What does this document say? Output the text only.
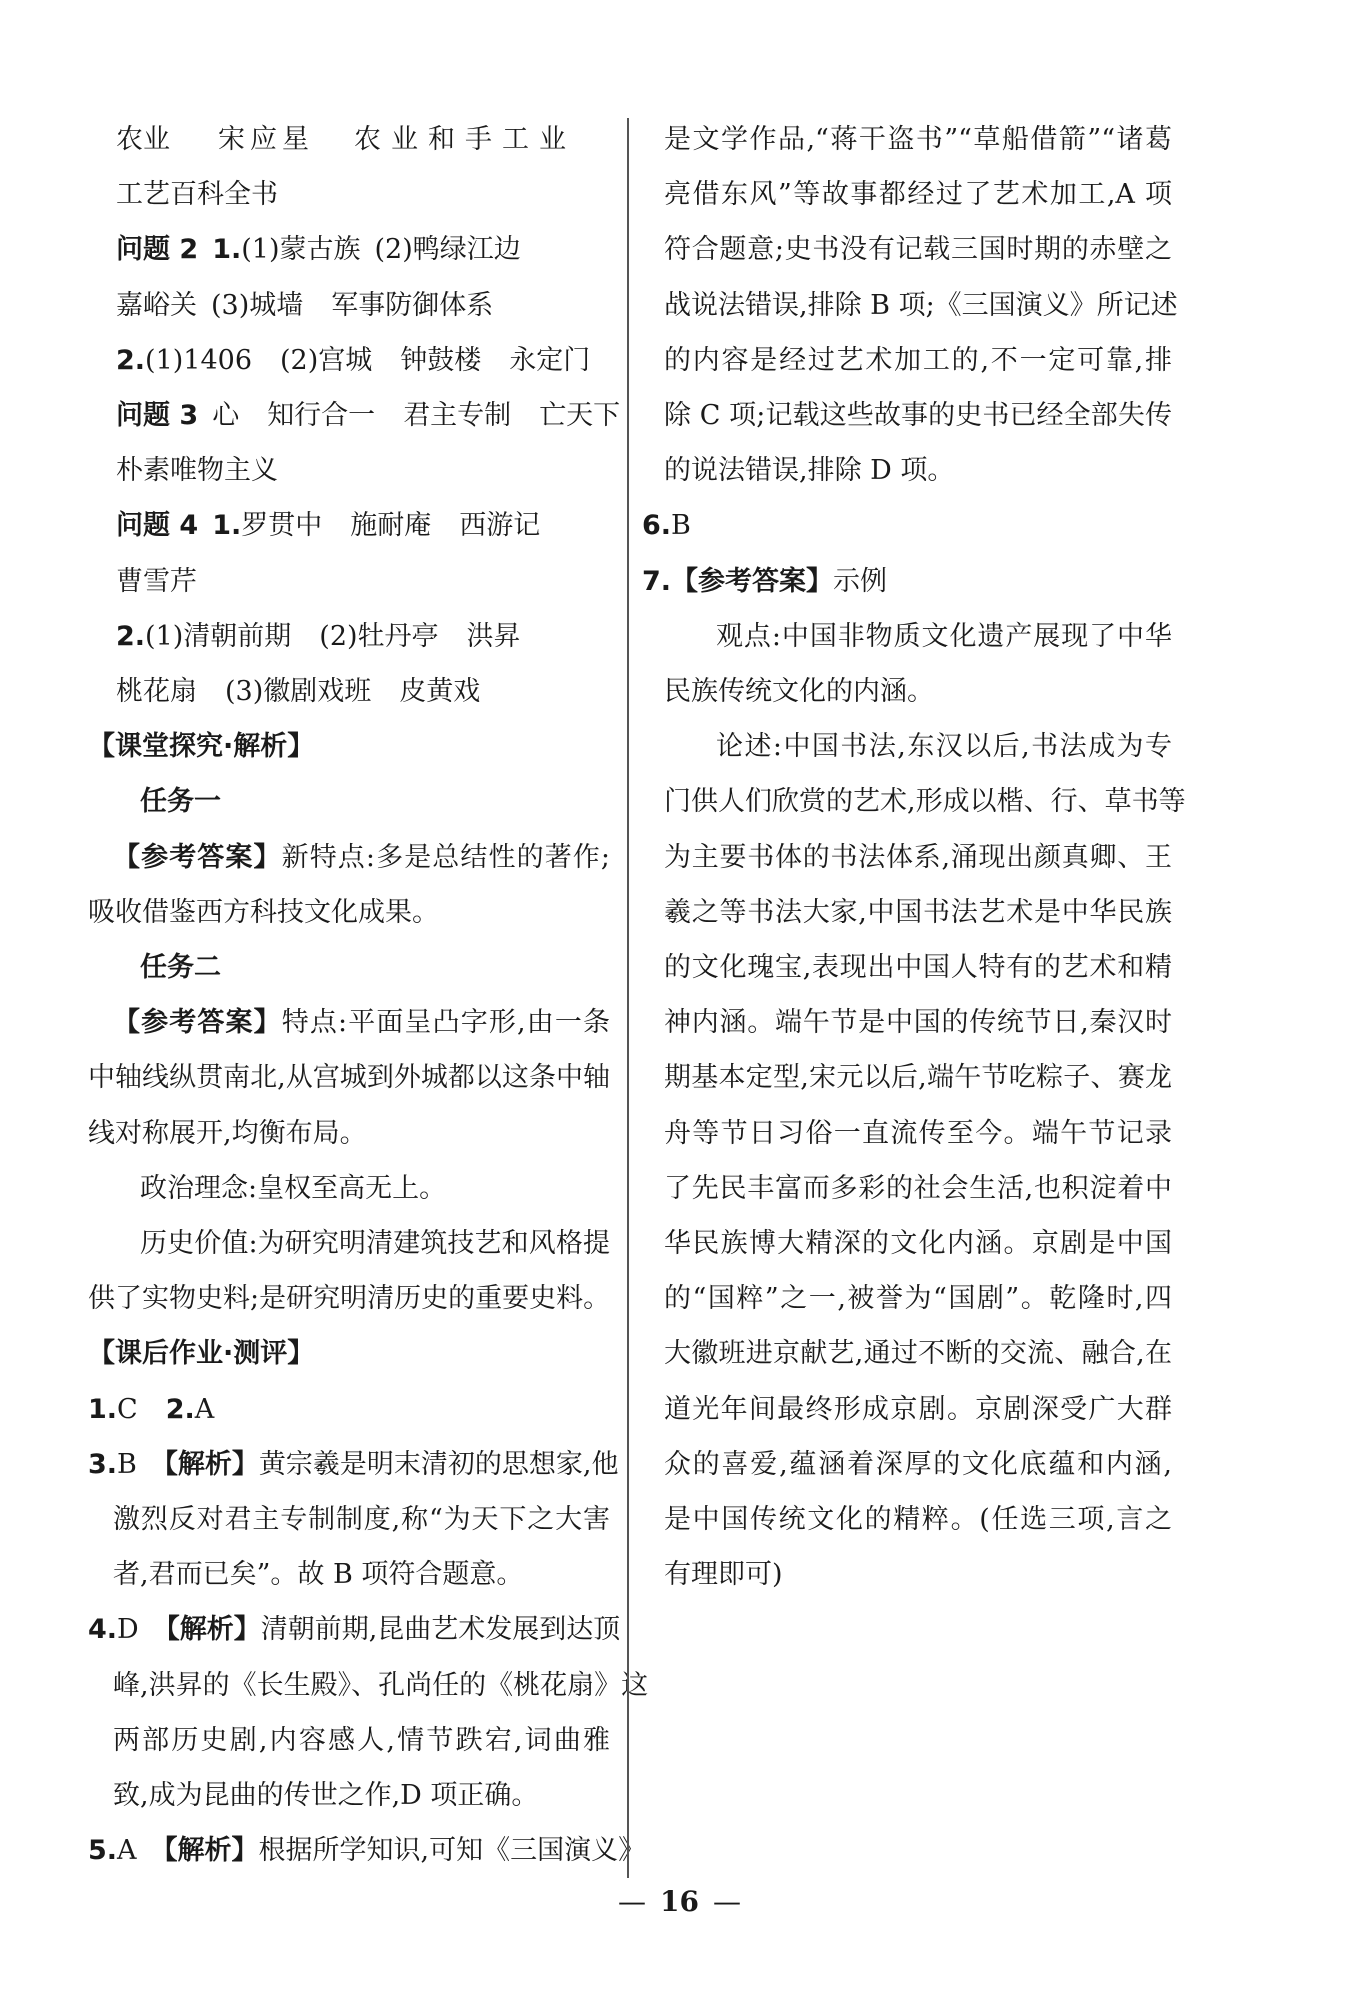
农业 宋应星 农业和手工业
工艺百科全书
问题 2 1.(1)蒙古族 (2)鸭绿江边
嘉峪关 (3)城墙 军事防御体系
2.(1)1406 (2)宫城 钟鼓楼 永定门
问题 3 心 知行合一 君主专制 亡天下
朴素唯物主义
问题 4 1.罗贯中 施耐庵 西游记
曹雪芹
2.(1)清朝前期 (2)牡丹亭 洪昇
桃花扇 (3)徽剧戏班 皮黄戏
【课堂探究·解析】
任务一
【参考答案】新特点:多是总结性的著作;
吸收借鉴西方科技文化成果。
任务二
【参考答案】特点:平面呈凸字形,由一条
中轴线纵贯南北,从宫城到外城都以这条中轴
线对称展开,均衡布局。
政治理念:皇权至高无上。
历史价值:为研究明清建筑技艺和风格提
供了实物史料;是研究明清历史的重要史料。
【课后作业·测评】
1.C 2.A
3.B 【解析】黄宗羲是明末清初的思想家,他
激烈反对君主专制制度,称“为天下之大害
者,君而已矣”。故 B 项符合题意。
4.D 【解析】清朝前期,昆曲艺术发展到达顶
峰,洪昇的《长生殿》、孔尚任的《桃花扇》这
两部历史剧,内容感人,情节跌宕,词曲雅
致,成为昆曲的传世之作,D 项正确。
5.A 【解析】根据所学知识,可知《三国演义》
是文学作品,“蒋干盗书”“草船借箭”“诸葛
亮借东风”等故事都经过了艺术加工,A 项
符合题意;史书没有记载三国时期的赤壁之
战说法错误,排除 B 项;《三国演义》所记述
的内容是经过艺术加工的,不一定可靠,排
除 C 项;记载这些故事的史书已经全部失传
的说法错误,排除 D 项。
6.B
7.【参考答案】示例
观点:中国非物质文化遗产展现了中华
民族传统文化的内涵。
论述:中国书法,东汉以后,书法成为专
门供人们欣赏的艺术,形成以楷、行、草书等
为主要书体的书法体系,涌现出颜真卿、王
羲之等书法大家,中国书法艺术是中华民族
的文化瑰宝,表现出中国人特有的艺术和精
神内涵。端午节是中国的传统节日,秦汉时
期基本定型,宋元以后,端午节吃粽子、赛龙
舟等节日习俗一直流传至今。端午节记录
了先民丰富而多彩的社会生活,也积淀着中
华民族博大精深的文化内涵。京剧是中国
的“国粹”之一,被誉为“国剧”。乾隆时,四
大徽班进京献艺,通过不断的交流、融合,在
道光年间最终形成京剧。京剧深受广大群
众的喜爱,蕴涵着深厚的文化底蕴和内涵,
是中国传统文化的精粹。(任选三项,言之
有理即可)
— 16 —
